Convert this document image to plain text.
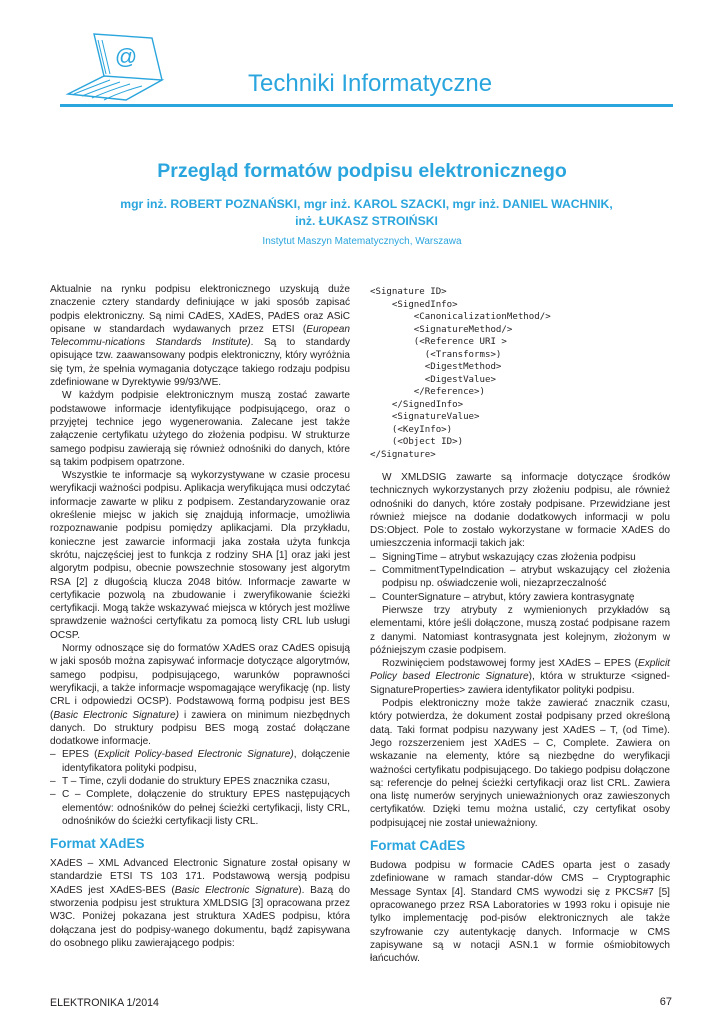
@
Techniki Informatyczne
Przegląd formatów podpisu elektronicznego
mgr inż. ROBERT POZNAŃSKI, mgr inż. KAROL SZACKI, mgr inż. DANIEL WACHNIK,
inż. ŁUKASZ STROIŃSKI
Instytut Maszyn Matematycznych, Warszawa

Aktualnie na rynku podpisu elektronicznego uzyskują duże znaczenie cztery standardy definiujące w jaki sposób zapisać podpis elektroniczny. Są nimi CAdES, XAdES, PAdES oraz ASiC opisane w standardach wydawanych przez ETSI (European Telecommu-nications Standards Institute). Są to standardy opisujące tzw. zaawansowany podpis elektroniczny, który wyróżnia się tym, że spełnia wymagania dotyczące takiego rodzaju podpisu zdefiniowane w Dyrektywie 99/93/WE.

W każdym podpisie elektronicznym muszą zostać zawarte podstawowe informacje identyfikujące podpisującego, oraz o przyjętej technice jego wygenerowania. Zalecane jest także załączenie certyfikatu użytego do złożenia podpisu. W strukturze samego podpisu zawierają się również odnośniki do danych, które są takim podpisem opatrzone.

Wszystkie te informacje są wykorzystywane w czasie procesu weryfikacji ważności podpisu. Aplikacja weryfikująca musi odczytać informacje zawarte w pliku z podpisem. Zestandaryzowanie oraz określenie miejsc w jakich się znajdują informacje, umożliwia rozpoznawanie podpisu pomiędzy aplikacjami. Dla przykładu, konieczne jest zawarcie informacji jaka została użyta funkcja skrótu, najczęściej jest to funkcja z rodziny SHA [1] oraz jaki jest algorytm podpisu, obecnie powszechnie stosowany jest algorytm RSA [2] z długością klucza 2048 bitów. Informacje zawarte w certyfikacie pozwolą na zbudowanie i zweryfikowanie ścieżki certyfikacji. Mogą także wskazywać miejsca w których jest możliwe sprawdzenie ważności certyfikatu za pomocą listy CRL lub usługi OCSP.

Normy odnoszące się do formatów XAdES oraz CAdES opisują w jaki sposób można zapisywać informacje dotyczące algorytmów, samego podpisu, podpisującego, warunków poprawności weryfikacji, a także informacje wspomagające weryfikację (np. listy CRL i odpowiedzi OCSP). Podstawową formą podpisu jest BES (Basic Electronic Signature) i zawiera on minimum niezbędnych danych. Do struktury podpisu BES mogą zostać dołączane dodatkowe informacje.

– EPES (Explicit Policy-based Electronic Signature), dołączenie identyfikatora polityki podpisu,
– T – Time, czyli dodanie do struktury EPES znacznika czasu,
– C – Complete, dołączenie do struktury EPES następujących elementów: odnośników do pełnej ścieżki certyfikacji, listy CRL, odnośników do ścieżki certyfikacji listy CRL.
Format XAdES

XAdES – XML Advanced Electronic Signature został opisany w standardzie ETSI TS 103 171. Podstawową wersją podpisu XAdES jest XAdES-BES (Basic Electronic Signature). Bazą do stworzenia podpisu jest struktura XMLDSIG [3] opracowana przez W3C. Poniżej pokazana jest struktura XAdES podpisu, która dołączana jest do podpisy-wanego dokumentu, bądź zapisywana do osobnego pliku zawierającego podpis:

<Signature ID>
<SignedInfo>
<CanonicalizationMethod/>
<SignatureMethod/>
(<Reference URI >
(<Transforms>)
<DigestMethod>
<DigestValue>
</Reference>)
</SignedInfo>
<SignatureValue>
(<KeyInfo>)
(<Object ID>)
</Signature>

W XMLDSIG zawarte są informacje dotyczące środków technicznych wykorzystanych przy złożeniu podpisu, ale również odnośniki do danych, które zostały podpisane. Przewidziane jest również miejsce na dodanie dodatkowych informacji w polu DS:Object. Pole to zostało wykorzystane w formacie XAdES do umieszczenia informacji takich jak:

– SigningTime – atrybut wskazujący czas złożenia podpisu
– CommitmentTypeIndication – atrybut wskazujący cel złożenia podpisu np. oświadczenie woli, niezaprzeczalność
– CounterSignature – atrybut, który zawiera kontrasygnatę

Pierwsze trzy atrybuty z wymienionych przykładów są elementami, które jeśli dołączone, muszą zostać podpisane razem z danymi. Natomiast kontrasygnata jest kolejnym, złożonym w późniejszym czasie podpisem.

Rozwinięciem podstawowej formy jest XAdES – EPES (Explicit Policy based Electronic Signature), która w strukturze <signed-SignatureProperties> zawiera identyfikator polityki podpisu.

Podpis elektroniczny może także zawierać znacznik czasu, który potwierdza, że dokument został podpisany przed określoną datą. Taki format podpisu nazywany jest XAdES – T, (od Time). Jego rozszerzeniem jest XAdES – C, Complete. Zawiera on wskazanie na elementy, które są niezbędne do weryfikacji ważności certyfikatu podpisującego. Do takiego podpisu dołączone są: referencje do pełnej ścieżki certyfikacji oraz list CRL. Zawiera ona listę numerów seryjnych unieważnionych oraz zawieszonych certyfikatów. Dzięki temu można ustalić, czy certyfikat osoby podpisującej nie został unieważniony.

Format CAdES

Budowa podpisu w formacie CAdES oparta jest o zasady zdefiniowane w ramach standar-dów CMS – Cryptographic Message Syntax [4]. Standard CMS wywodzi się z PKCS#7 [5] opracowanego przez RSA Laboratories w 1993 roku i opisuje nie tylko implementację pod-pisów elektronicznych ale także szyfrowanie czy autentykację danych. Informacje w CMS zapisywane są w notacji ASN.1 w formie ośmiobitowych łańcuchów.

ELEKTRONIKA 1/2014	67
